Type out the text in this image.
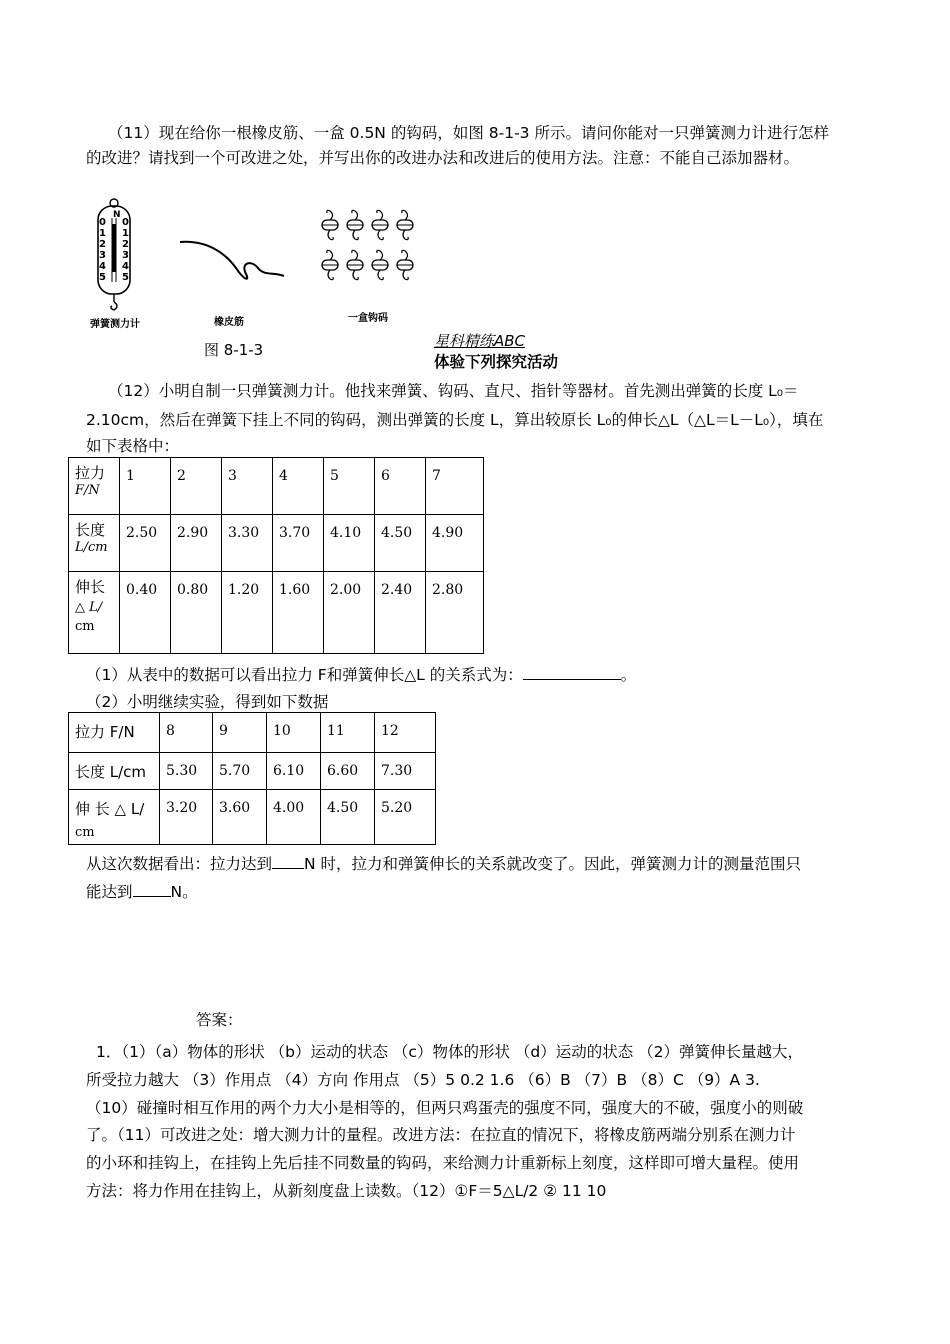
（11）现在给你一根橡皮筋、一盒 0.5N 的钩码，如图 8-1-3 所示。请问你能对一只弹簧测力计进行怎样
的改进？请找到一个可改进之处，并写出你的改进办法和改进后的使用方法。注意：不能自己添加器材。
N
0
1
2
3
4
5
0
1
2
3
4
5
弹簧测力计	橡皮筋	一盒钩码
图 8-1-3	星科精练ABC
体验下列探究活动
（12）小明自制一只弹簧测力计。他找来弹簧、钩码、直尺、指针等器材。首先测出弹簧的长度 L₀＝
2.10cm，然后在弹簧下挂上不同的钩码，测出弹簧的长度 L，算出较原长 L₀的伸长△L（△L＝L－L₀），填在
如下表格中：
拉力
F/N	1	2	3	4	5	6	7

长度
L/cm	2.50	2.90	3.30	3.70	4.10	4.50	4.90

伸长
△ L/
cm	0.40	0.80	1.20	1.60	2.00	2.40	2.80
（1）从表中的数据可以看出拉力 F和弹簧伸长△L 的关系式为：	。
（2）小明继续实验，得到如下数据
拉力 F/N	8	9	10	11	12
长度 L/cm	5.30	5.70	6.10	6.60	7.30

伸 长 △ L/
cm	3.20	3.60	4.00	4.50	5.20
从这次数据看出：拉力达到 N 时，拉力和弹簧伸长的关系就改变了。因此，弹簧测力计的测量范围只
能达到 N。
答案：
1．（1）（a）物体的形状 （b）运动的状态 （c）物体的形状 （d）运动的状态 （2）弹簧伸长量越大，
所受拉力越大 （3）作用点 （4）方向 作用点 （5）5 0.2 1.6 （6）B （7）B （8）C （9）A 3.
（10）碰撞时相互作用的两个力大小是相等的，但两只鸡蛋壳的强度不同，强度大的不破，强度小的则破
了。（11）可改进之处：增大测力计的量程。改进方法：在拉直的情况下，将橡皮筋两端分别系在测力计
的小环和挂钩上，在挂钩上先后挂不同数量的钩码，来给测力计重新标上刻度，这样即可增大量程。使用
方法：将力作用在挂钩上，从新刻度盘上读数。（12）①F＝5△L/2 ② 11 10
